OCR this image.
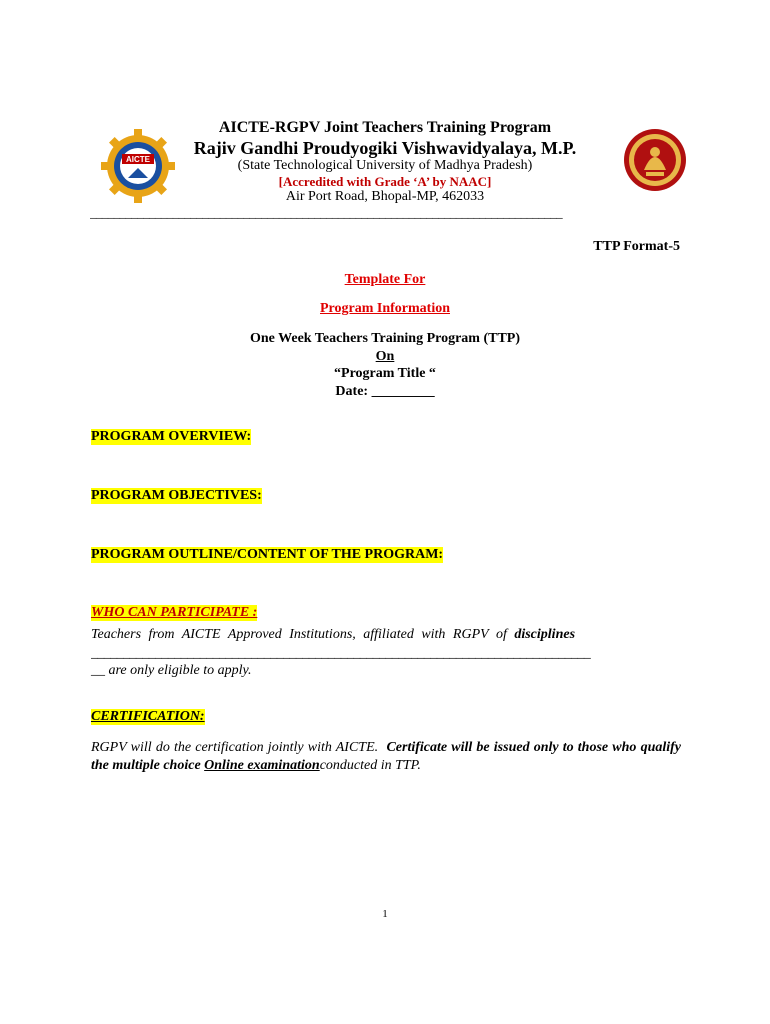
AICTE
AICTE-RGPV Joint Teachers Training Program
Rajiv Gandhi Proudyogiki Vishwavidyalaya, M.P.
(State Technological University of Madhya Pradesh)
[Accredited with Grade ‘A’ by NAAC]
Air Port Road, Bhopal-MP, 462033
________________________________________________________________________________
TTP Format-5
Template For
Program Information
One Week Teachers Training Program (TTP)
On
“Program Title “
Date: _________
PROGRAM OVERVIEW:
PROGRAM OBJECTIVES:
PROGRAM OUTLINE/CONTENT OF THE PROGRAM:
WHO CAN PARTICIPATE :
Teachers from AICTE Approved Institutions, affiliated with RGPV of disciplines
______________________________________________________________________________
__ are only eligible to apply.
CERTIFICATION:
RGPV will do the certification jointly with AICTE. Certificate will be issued only to those who qualify the multiple choice Online examinationconducted in TTP.
1
